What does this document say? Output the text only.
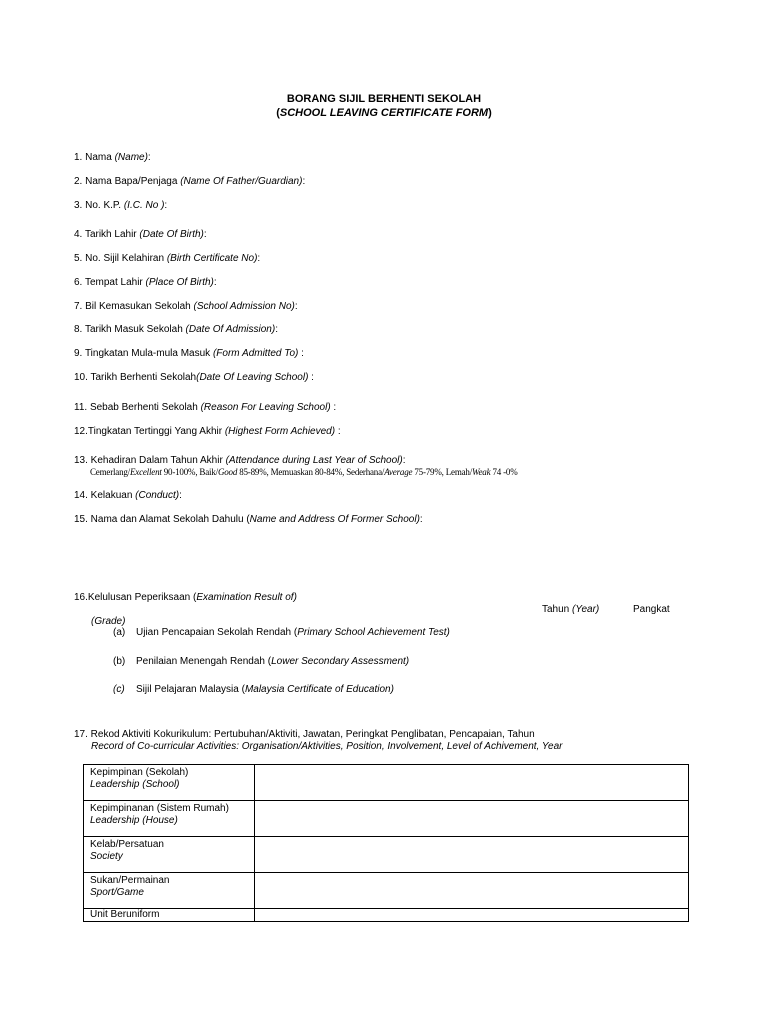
BORANG SIJIL BERHENTI SEKOLAH
(SCHOOL LEAVING CERTIFICATE FORM)
1. Nama (Name):
2. Nama Bapa/Penjaga (Name Of Father/Guardian):
3. No. K.P. (I.C. No ):
4. Tarikh Lahir (Date Of Birth):
5. No. Sijil Kelahiran (Birth Certificate No):
6. Tempat Lahir (Place Of Birth):
7. Bil Kemasukan Sekolah (School Admission No):
8. Tarikh Masuk Sekolah (Date Of Admission):
9. Tingkatan Mula-mula Masuk (Form Admitted To) :
10. Tarikh Berhenti Sekolah(Date Of Leaving School) :
11. Sebab Berhenti Sekolah (Reason For Leaving School) :
12.Tingkatan Tertinggi Yang Akhir (Highest Form Achieved) :
13. Kehadiran Dalam Tahun Akhir (Attendance during Last Year of School):
Cemerlang/Excellent 90-100%, Baik/Good 85-89%, Memuaskan 80-84%, Sederhana/Average 75-79%, Lemah/Weak 74 -0%
14. Kelakuan (Conduct):
15. Nama dan Alamat Sekolah Dahulu (Name and Address Of Former School):
16.Kelulusan Peperiksaan (Examination Result of)
Tahun (Year)	Pangkat
(Grade)
(a) Ujian Pencapaian Sekolah Rendah (Primary School Achievement Test)
(b) Penilaian Menengah Rendah (Lower Secondary Assessment)
(c) Sijil Pelajaran Malaysia (Malaysia Certificate of Education)
17. Rekod Aktiviti Kokurikulum: Pertubuhan/Aktiviti, Jawatan, Peringkat Penglibatan, Pencapaian, Tahun
Record of Co-curricular Activities: Organisation/Aktivities, Position, Involvement, Level of Achivement, Year
Kepimpinan (Sekolah)
Leadership (School)	

Kepimpinanan (Sistem Rumah)
Leadership (House)	

Kelab/Persatuan
Society	

Sukan/Permainan
Sport/Game	

Unit Beruniform	
